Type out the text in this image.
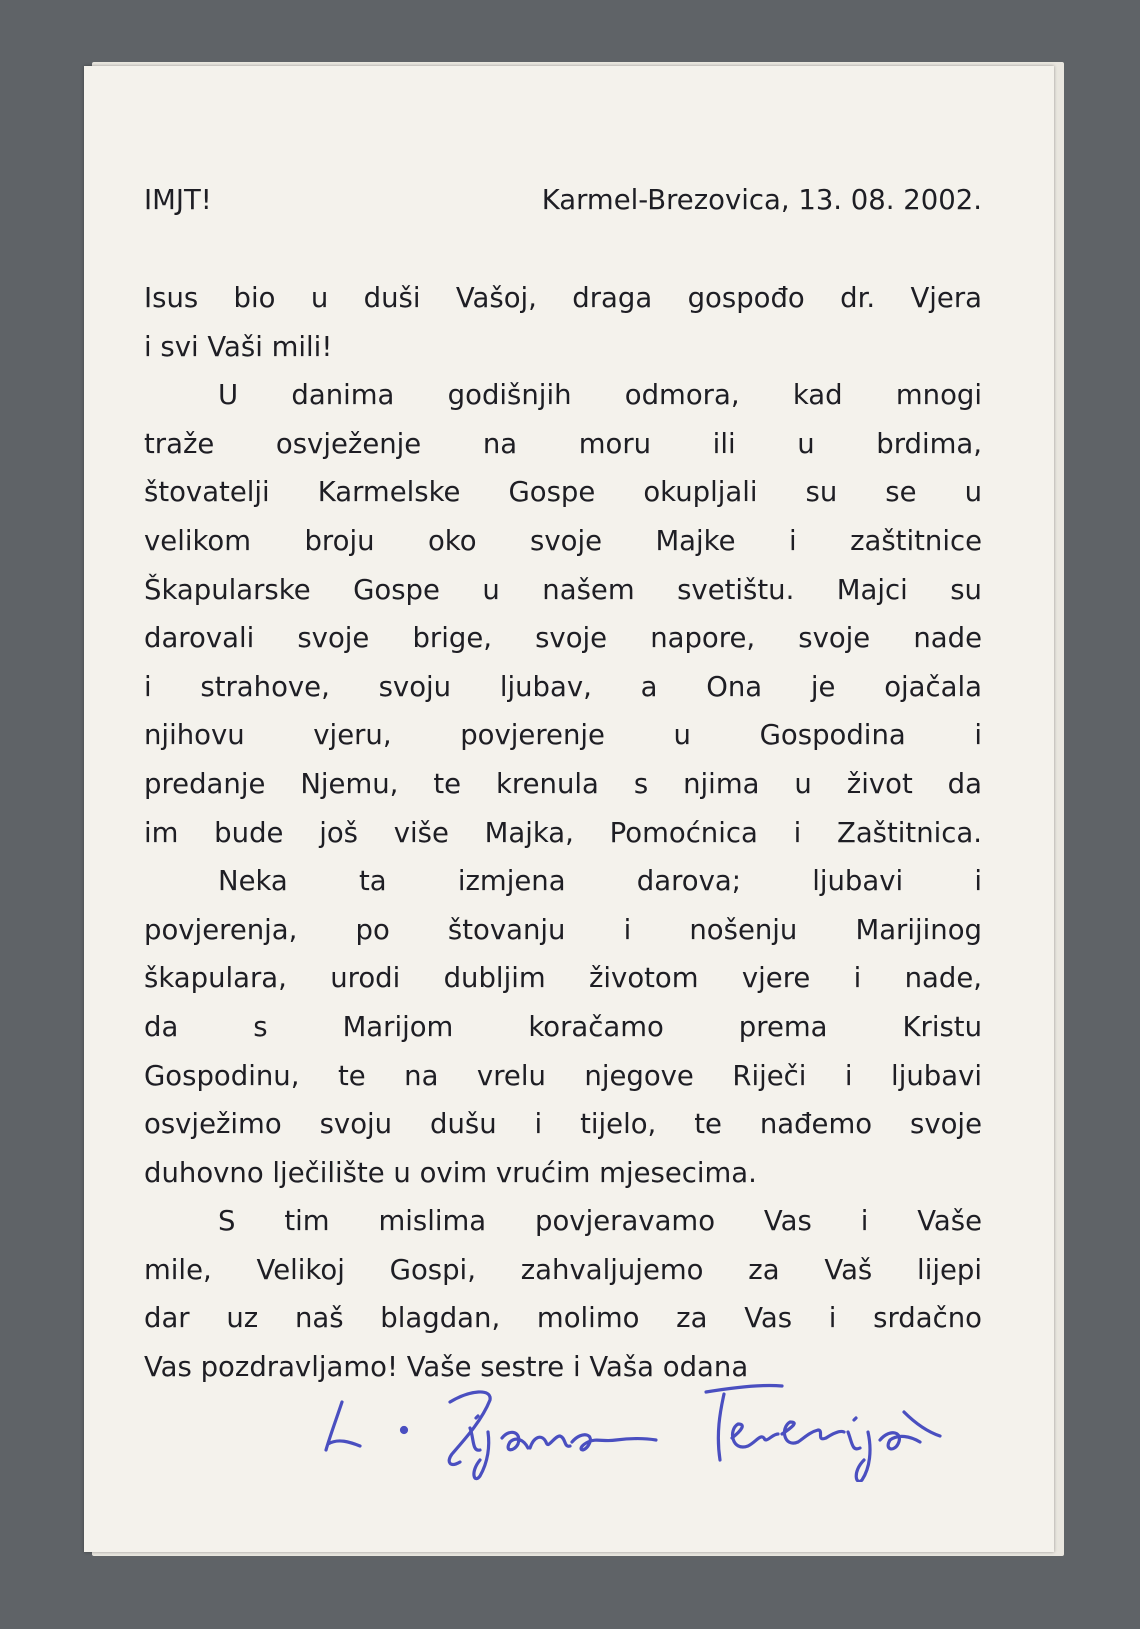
IMJT!	Karmel-Brezovica, 13. 08. 2002.
Isus bio u duši Vašoj, draga gospođo dr. Vjera
i svi Vaši mili!
U danima godišnjih odmora, kad mnogi
traže osvježenje na moru ili u brdima,
štovatelji Karmelske Gospe okupljali su se u
velikom broju oko svoje Majke i zaštitnice
Škapularske Gospe u našem svetištu. Majci su
darovali svoje brige, svoje napore, svoje nade
i strahove, svoju ljubav, a Ona je ojačala
njihovu vjeru, povjerenje u Gospodina i
predanje Njemu, te krenula s njima u život da
im bude još više Majka, Pomoćnica i Zaštitnica.
Neka ta izmjena darova; ljubavi i
povjerenja, po štovanju i nošenju Marijinog
škapulara, urodi dubljim životom vjere i nade,
da s Marijom koračamo prema Kristu
Gospodinu, te na vrelu njegove Riječi i ljubavi
osvježimo svoju dušu i tijelo, te nađemo svoje
duhovno lječilište u ovim vrućim mjesecima.
S tim mislima povjeravamo Vas i Vaše
mile, Velikoj Gospi, zahvaljujemo za Vaš lijepi
dar uz naš blagdan, molimo za Vas i srdačno
Vas pozdravljamo! Vaše sestre i Vaša odana
